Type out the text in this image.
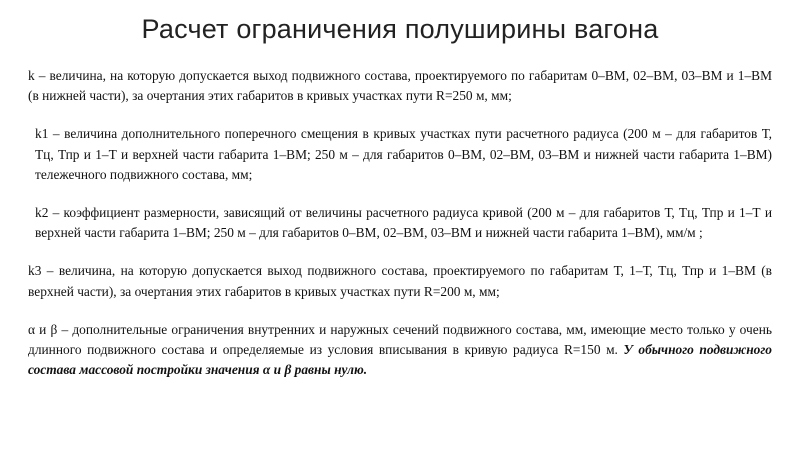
Расчет ограничения полуширины вагона

k – величина, на которую допускается выход подвижного состава, проектируемого по габаритам 0–ВМ, 02–ВМ, 03–ВМ и 1–ВМ (в нижней части), за очертания этих габаритов в кривых участках пути R=250 м, мм;

k1 – величина дополнительного поперечного смещения в кривых участках пути расчетного радиуса (200 м – для габаритов Т, Тц, Тпр и 1–Т и верхней части габарита 1–ВМ; 250 м – для габаритов 0–ВМ, 02–ВМ, 03–ВМ и нижней части габарита 1–ВМ) тележечного подвижного состава, мм;

k2 – коэффициент размерности, зависящий от величины расчетного радиуса кривой (200 м – для габаритов Т, Тц, Тпр и 1–Т и верхней части габарита 1–ВМ; 250 м – для габаритов 0–ВМ, 02–ВМ, 03–ВМ и нижней части габарита 1–ВМ), мм/м ;

k3 – величина, на которую допускается выход подвижного состава, проектируемого по габаритам Т, 1–Т, Тц, Тпр и 1–ВМ (в верхней части), за очертания этих габаритов в кривых участках пути R=200 м, мм;

α и β – дополнительные ограничения внутренних и наружных сечений подвижного состава, мм, имеющие место только у очень длинного подвижного состава и определяемые из условия вписывания в кривую радиуса R=150 м. У обычного подвижного состава массовой постройки значения α и β равны нулю.
